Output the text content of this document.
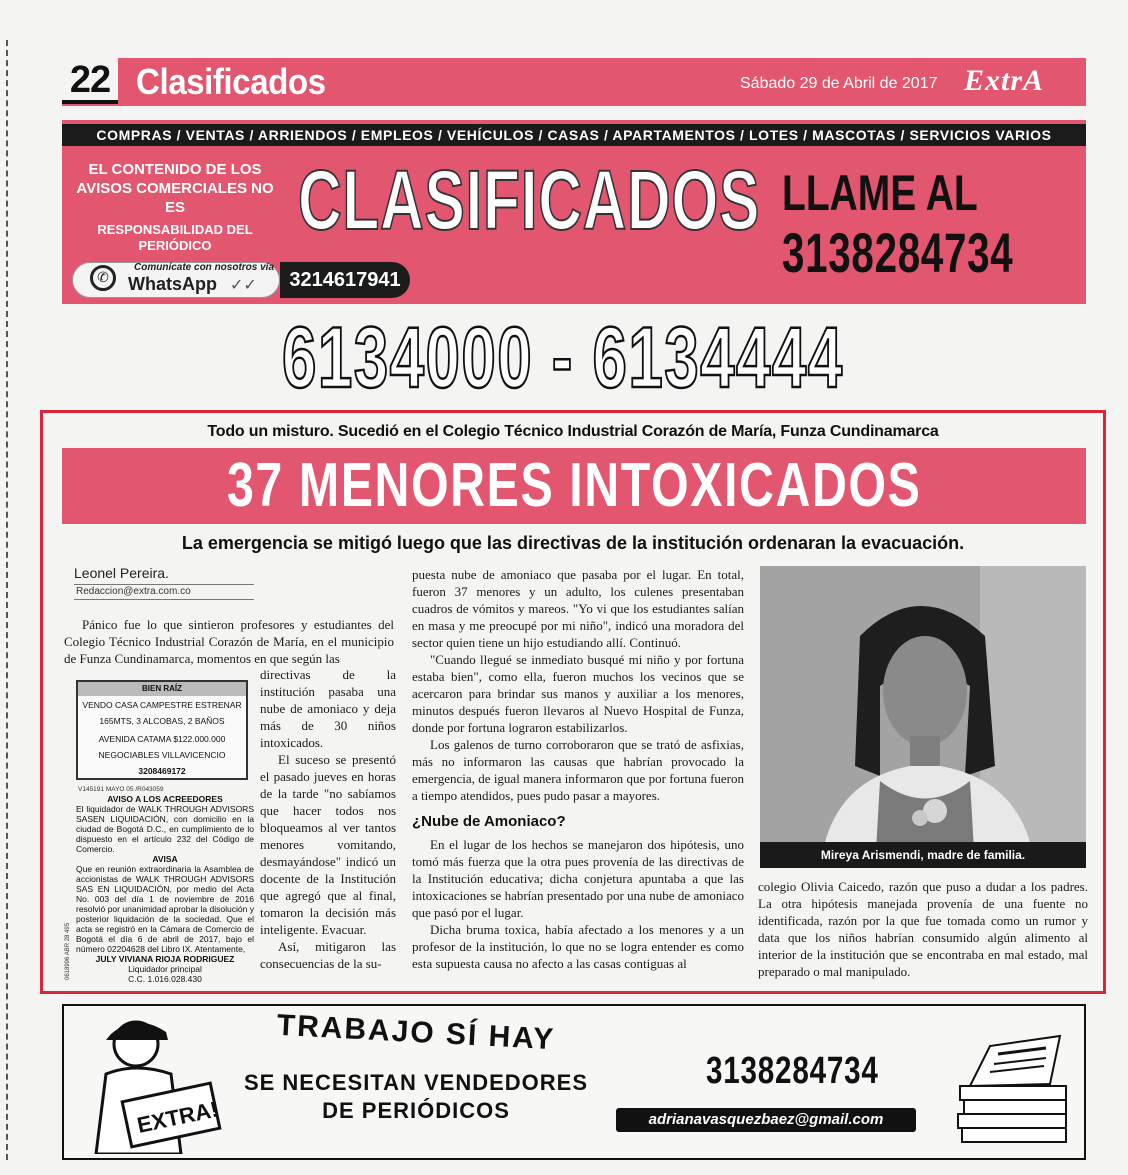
22 Clasificados	Sábado 29 de Abril de 2017 ExtrA
COMPRAS / VENTAS / ARRIENDOS / EMPLEOS / VEHÍCULOS / CASAS / APARTAMENTOS / LOTES / MASCOTAS / SERVICIOS VARIOS
EL CONTENIDO DE LOS AVISOS COMERCIALES NO ES
RESPONSABILIDAD DEL PERIÓDICO
✆
Comunícate con nosotros vía
WhatsApp ✓✓	3214617941
CLASIFICADOS LLAME AL
3138284734
6134000 - 6134444
Todo un misturo. Sucedió en el Colegio Técnico Industrial Corazón de María, Funza Cundinamarca
37 MENORES INTOXICADOS
La emergencia se mitigó luego que las directivas de la institución ordenaran la evacuación.
Leonel Pereira.
Redaccion@extra.com.co

Pánico fue lo que sintieron profesores y estudiantes del Colegio Técnico Industrial Corazón de María, en el municipio de Funza Cundinamarca, momentos en que según las

BIEN RAÍZ
VENDO CASA CAMPESTRE ESTRENAR
165MTS, 3 ALCOBAS, 2 BAÑOS
AVENIDA CATAMA $122.000.000
NEGOCIABLES VILLAVICENCIO
3208469172
V145191 MAYO 05 /R043059
AVISO A LOS ACREEDORES
El liquidador de WALK THROUGH ADVISORS SASEN LIQUIDACIÓN, con domicilio en la ciudad de Bogotá D.C., en cumplimiento de lo dispuesto en el artículo 232 del Código de Comercio.
AVISA
Que en reunión extraordinaria la Asamblea de accionistas de WALK THROUGH ADVISORS SAS EN LIQUIDACIÓN, por medio del Acta No. 003 del día 1 de noviembre de 2016 resolvió por unanimidad aprobar la disolución y posterior liquidación de la sociedad. Que el acta se registró en la Cámara de Comercio de Bogotá el día 6 de abril de 2017, bajo el número 02204628 del Libro IX. Atentamente,
JULY VIVIANA RIOJA RODRIGUEZ
Liquidador principal
C.C. 1.016.028.430
0618996 ABR 28 495

directivas de la institución pasaba una nube de amoniaco y deja más de 30 niños intoxicados.

El suceso se presentó el pasado jueves en horas de la tarde "no sabíamos que hacer todos nos bloqueamos al ver tantos menores vomitando, desmayándose" indicó un docente de la Institución que agregó que al final, tomaron la decisión más inteligente. Evacuar.

Así, mitigaron las consecuencias de la su-

puesta nube de amoniaco que pasaba por el lugar. En total, fueron 37 menores y un adulto, los culenes presentaban cuadros de vómitos y mareos. "Yo vi que los estudiantes salían en masa y me preocupé por mi niño", indicó una moradora del sector quien tiene un hijo estudiando allí. Continuó.

"Cuando llegué se inmediato busqué mi niño y por fortuna estaba bien", como ella, fueron muchos los vecinos que se acercaron para brindar sus manos y auxiliar a los menores, minutos después fueron llevaros al Nuevo Hospital de Funza, donde por fortuna lograron estabilizarlos.

Los galenos de turno corroboraron que se trató de asfixias, más no informaron las causas que habrían provocado la emergencia, de igual manera informaron que por fortuna fueron a tiempo atendidos, pues pudo pasar a mayores.

¿Nube de Amoniaco?

En el lugar de los hechos se manejaron dos hipótesis, uno tomó más fuerza que la otra pues provenía de las directivas de la Institución educativa; dicha conjetura apuntaba a que las intoxicaciones se habrían presentado por una nube de amoniaco que pasó por el lugar.

Dicha bruma toxica, había afectado a los menores y a un profesor de la institución, lo que no se logra entender es como esta supuesta causa no afecto a las casas contiguas al

Mireya Arismendi, madre de familia.

colegio Olivia Caicedo, razón que puso a dudar a los padres. La otra hipótesis manejada provenía de una fuente no identificada, razón por la que fue tomada como un rumor y data que los niños habrían consumido algún alimento al interior de la institución que se encontraba en mal estado, mal preparado o mal manipulado.

EXTRA!
TRABAJO SÍ HAY
SE NECESITAN VENDEDORES
DE PERIÓDICOS
3138284734
adrianavasquezbaez@gmail.com
